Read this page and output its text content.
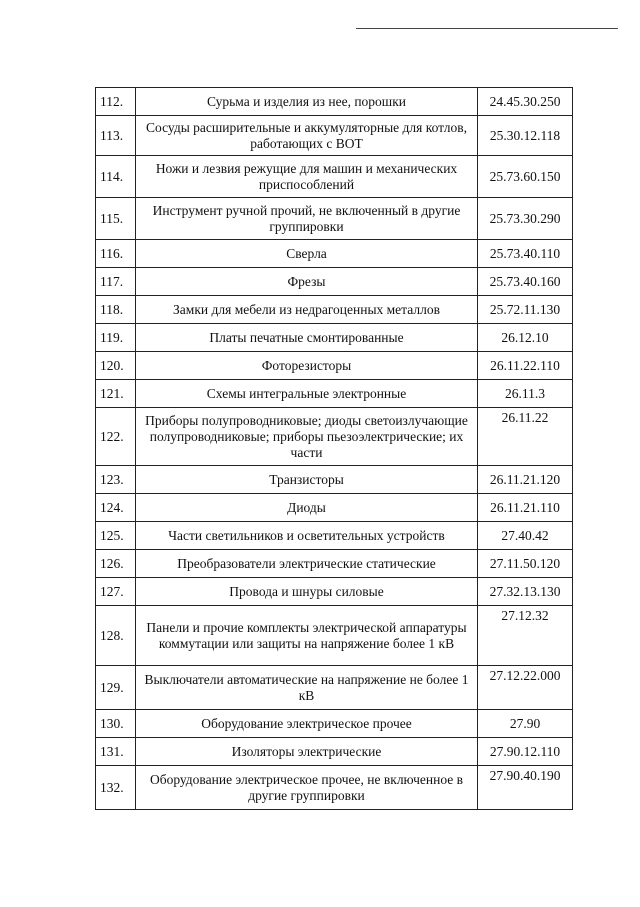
112.	Сурьма и изделия из нее, порошки	24.45.30.250
113.	Сосуды расширительные и аккумуляторные для котлов, работающих с ВОТ	25.30.12.118
114.	Ножи и лезвия режущие для машин и механических приспособлений	25.73.60.150
115.	Инструмент ручной прочий, не включенный в другие группировки	25.73.30.290
116.	Сверла	25.73.40.110
117.	Фрезы	25.73.40.160
118.	Замки для мебели из недрагоценных металлов	25.72.11.130
119.	Платы печатные смонтированные	26.12.10
120.	Фоторезисторы	26.11.22.110
121.	Схемы интегральные электронные	26.11.3
122.	Приборы полупроводниковые; диоды светоизлучающие полупроводниковые; приборы пьезоэлектрические; их части	26.11.22
123.	Транзисторы	26.11.21.120
124.	Диоды	26.11.21.110
125.	Части светильников и осветительных устройств	27.40.42
126.	Преобразователи электрические статические	27.11.50.120
127.	Провода и шнуры силовые	27.32.13.130
128.	Панели и прочие комплекты электрической аппаратуры коммутации или защиты на напряжение более 1 кВ	27.12.32
129.	Выключатели автоматические на напряжение не более 1 кВ	27.12.22.000
130.	Оборудование электрическое прочее	27.90
131.	Изоляторы электрические	27.90.12.110
132.	Оборудование электрическое прочее, не включенное в другие группировки	27.90.40.190
